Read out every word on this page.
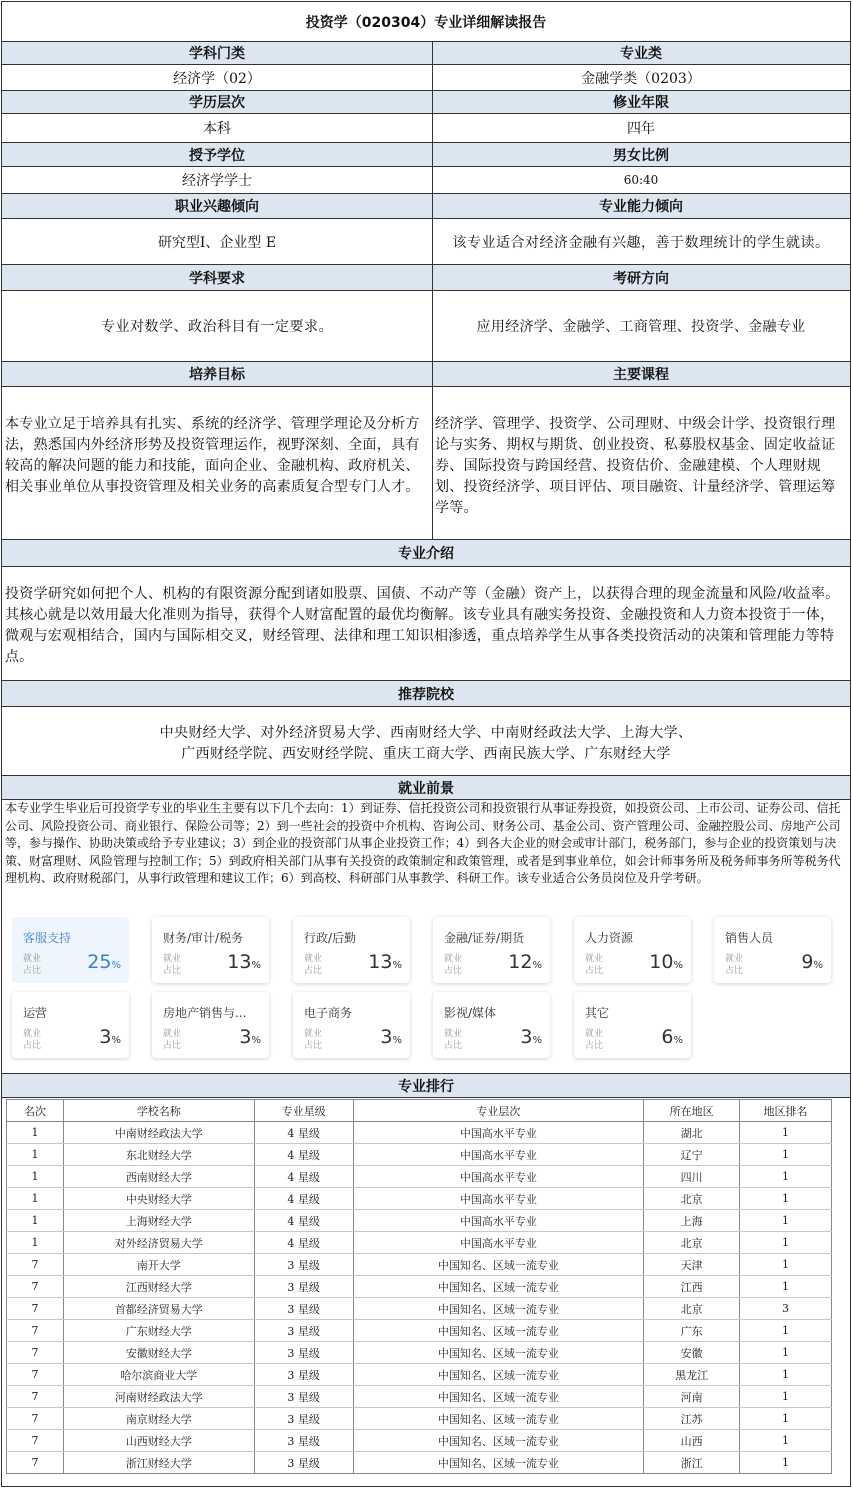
投资学（020304）专业详细解读报告
学科门类	专业类
经济学（02）	金融学类（0203）
学历层次	修业年限
本科	四年
授予学位	男女比例
经济学学士	60:40
职业兴趣倾向	专业能力倾向
研究型I、企业型 E	该专业适合对经济金融有兴趣，善于数理统计的学生就读。
学科要求	考研方向
专业对数学、政治科目有一定要求。	应用经济学、金融学、工商管理、投资学、金融专业
培养目标	主要课程
本专业立足于培养具有扎实、系统的经济学、管理学理论及分析方法，熟悉国内外经济形势及投资管理运作，视野深刻、全面，具有较高的解决问题的能力和技能，面向企业、金融机构、政府机关、相关事业单位从事投资管理及相关业务的高素质复合型专门人才。
经济学、管理学、投资学、公司理财、中级会计学、投资银行理论与实务、期权与期货、创业投资、私募股权基金、固定收益证券、国际投资与跨国经营、投资估价、金融建模、个人理财规划、投资经济学、项目评估、项目融资、计量经济学、管理运筹学等。
专业介绍
投资学研究如何把个人、机构的有限资源分配到诸如股票、国债、不动产等（金融）资产上，以获得合理的现金流量和风险/收益率。其核心就是以效用最大化准则为指导，获得个人财富配置的最优均衡解。该专业具有融实务投资、金融投资和人力资本投资于一体，微观与宏观相结合，国内与国际相交叉，财经管理、法律和理工知识相渗透，重点培养学生从事各类投资活动的决策和管理能力等特点。
推荐院校
中央财经大学、对外经济贸易大学、西南财经大学、中南财经政法大学、上海大学、
广西财经学院、西安财经学院、重庆工商大学、西南民族大学、广东财经大学
就业前景
本专业学生毕业后可投资学专业的毕业生主要有以下几个去向：1）到证券、信托投资公司和投资银行从事证券投资，如投资公司、上市公司、证券公司、信托公司、风险投资公司、商业银行、保险公司等；2）到一些社会的投资中介机构、咨询公司、财务公司、基金公司、资产管理公司、金融控股公司、房地产公司等，参与操作、协助决策或给予专业建议；3）到企业的投资部门从事企业投资工作；4）到各大企业的财会或审计部门，税务部门，参与企业的投资策划与决策、财富理财、风险管理与控制工作；5）到政府相关部门从事有关投资的政策制定和政策管理，或者是到事业单位，如会计师事务所及税务师事务所等税务代理机构、政府财税部门，从事行政管理和建议工作；6）到高校、科研部门从事教学、科研工作。该专业适合公务员岗位及升学考研。
客服支持
就业
占比	25%
财务/审计/税务
就业
占比	13%
行政/后勤
就业
占比	13%
金融/证券/期货
就业
占比	12%
人力资源
就业
占比	10%
销售人员
就业
占比	9%
运营
就业
占比	3%
房地产销售与...
就业
占比	3%
电子商务
就业
占比	3%
影视/媒体
就业
占比	3%
其它
就业
占比	6%
专业排行
名次	学校名称	专业星级	专业层次	所在地区	地区排名
1	中南财经政法大学	4 星级	中国高水平专业	湖北	1
1	东北财经大学	4 星级	中国高水平专业	辽宁	1
1	西南财经大学	4 星级	中国高水平专业	四川	1
1	中央财经大学	4 星级	中国高水平专业	北京	1
1	上海财经大学	4 星级	中国高水平专业	上海	1
1	对外经济贸易大学	4 星级	中国高水平专业	北京	1
7	南开大学	3 星级	中国知名、区域一流专业	天津	1
7	江西财经大学	3 星级	中国知名、区域一流专业	江西	1
7	首都经济贸易大学	3 星级	中国知名、区域一流专业	北京	3
7	广东财经大学	3 星级	中国知名、区域一流专业	广东	1
7	安徽财经大学	3 星级	中国知名、区域一流专业	安徽	1
7	哈尔滨商业大学	3 星级	中国知名、区域一流专业	黑龙江	1
7	河南财经政法大学	3 星级	中国知名、区域一流专业	河南	1
7	南京财经大学	3 星级	中国知名、区域一流专业	江苏	1
7	山西财经大学	3 星级	中国知名、区域一流专业	山西	1
7	浙江财经大学	3 星级	中国知名、区域一流专业	浙江	1
